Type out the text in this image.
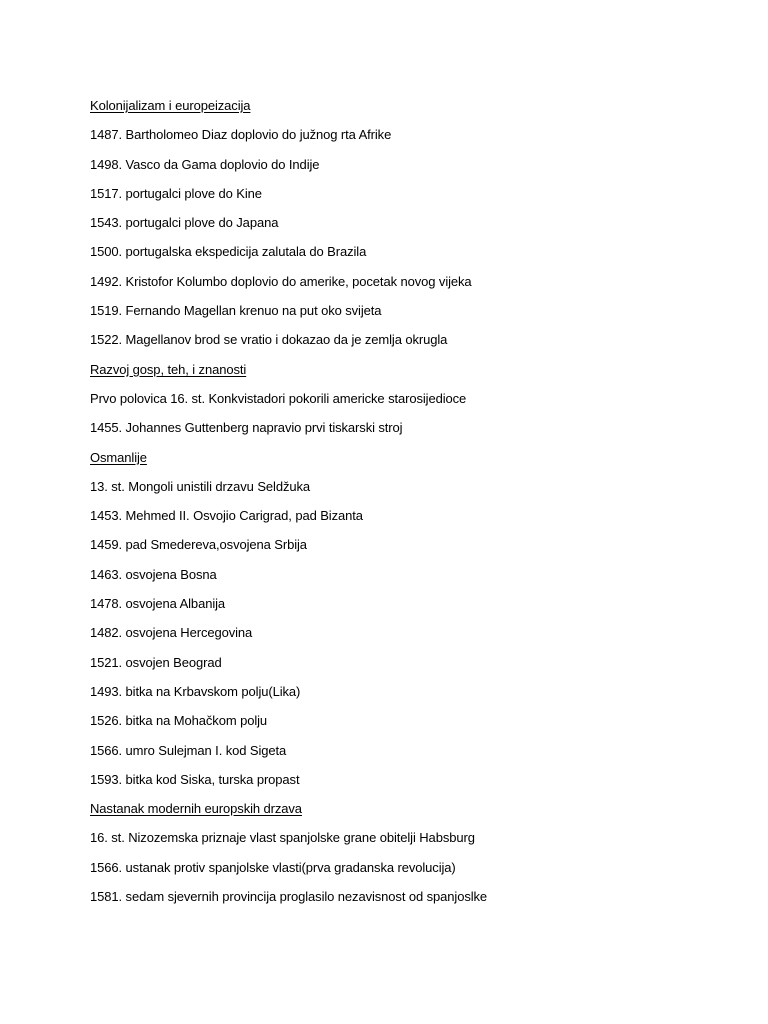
Kolonijalizam i europeizacija
1487. Bartholomeo Diaz doplovio do južnog rta Afrike
1498. Vasco da Gama doplovio do Indije
1517. portugalci plove do Kine
1543. portugalci plove do Japana
1500. portugalska ekspedicija zalutala do Brazila
1492. Kristofor Kolumbo doplovio do amerike, pocetak novog vijeka
1519. Fernando Magellan krenuo na put oko svijeta
1522. Magellanov brod se vratio i dokazao da je zemlja okrugla
Razvoj gosp, teh, i znanosti
Prvo polovica 16. st. Konkvistadori pokorili americke starosijedioce
1455. Johannes Guttenberg napravio prvi tiskarski stroj
Osmanlije
13. st. Mongoli unistili drzavu Seldžuka
1453. Mehmed II. Osvojio Carigrad, pad Bizanta
1459. pad Smedereva,osvojena Srbija
1463. osvojena Bosna
1478. osvojena Albanija
1482. osvojena Hercegovina
1521. osvojen Beograd
1493. bitka na Krbavskom polju(Lika)
1526. bitka na Mohačkom polju
1566. umro Sulejman I. kod Sigeta
1593. bitka kod Siska, turska propast
Nastanak modernih europskih drzava
16. st. Nizozemska priznaje vlast spanjolske grane obitelji Habsburg
1566. ustanak protiv spanjolske vlasti(prva gradanska revolucija)
1581. sedam sjevernih provincija proglasilo nezavisnost od spanjoslke
